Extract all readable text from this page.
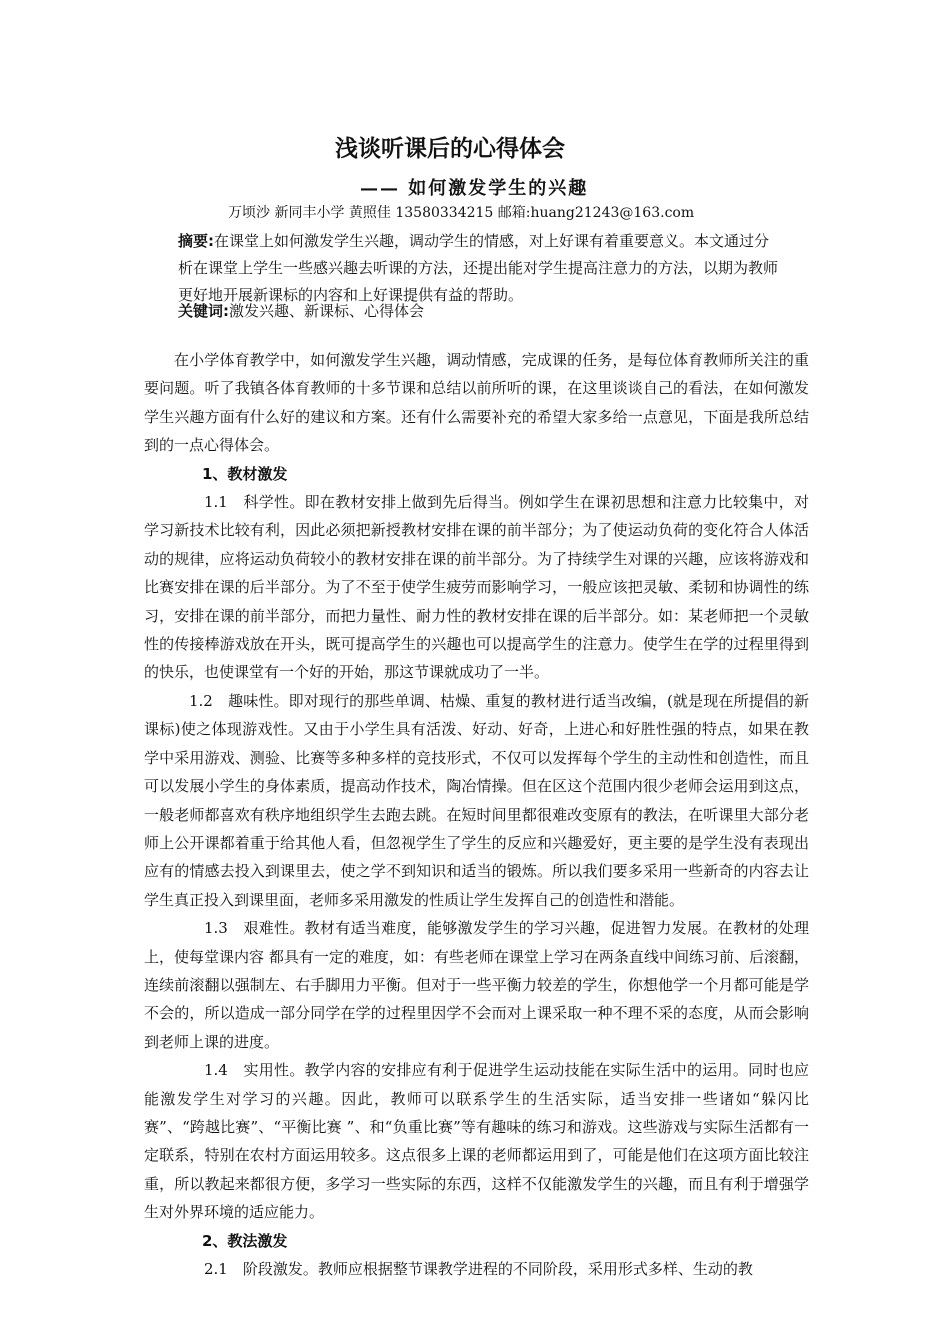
浅谈听课后的心得体会
—— 如何激发学生的兴趣
万顷沙 新同丰小学 黄照佳 13580334215 邮箱:huang21243@163.com

摘要:在课堂上如何激发学生兴趣，调动学生的情感，对上好课有着重要意义。本文通过分析在课堂上学生一些感兴趣去听课的方法，还提出能对学生提高注意力的方法，以期为教师更好地开展新课标的内容和上好课提供有益的帮助。

关键词:激发兴趣、新课标、心得体会

在小学体育教学中，如何激发学生兴趣，调动情感，完成课的任务，是每位体育教师所关注的重要问题。听了我镇各体育教师的十多节课和总结以前所听的课，在这里谈谈自己的看法，在如何激发学生兴趣方面有什么好的建议和方案。还有什么需要补充的希望大家多给一点意见，下面是我所总结到的一点心得体会。

1、教材激发

1.1　科学性。即在教材安排上做到先后得当。例如学生在课初思想和注意力比较集中，对学习新技术比较有利，因此必须把新授教材安排在课的前半部分；为了使运动负荷的变化符合人体活动的规律，应将运动负荷较小的教材安排在课的前半部分。为了持续学生对课的兴趣，应该将游戏和比赛安排在课的后半部分。为了不至于使学生疲劳而影响学习，一般应该把灵敏、柔韧和协调性的练习，安排在课的前半部分，而把力量性、耐力性的教材安排在课的后半部分。如：某老师把一个灵敏性的传接棒游戏放在开头，既可提高学生的兴趣也可以提高学生的注意力。使学生在学的过程里得到的快乐，也使课堂有一个好的开始，那这节课就成功了一半。

1.2　趣味性。即对现行的那些单调、枯燥、重复的教材进行适当改编，(就是现在所提倡的新课标)使之体现游戏性。又由于小学生具有活泼、好动、好奇，上进心和好胜性强的特点，如果在教学中采用游戏、测验、比赛等多种多样的竞技形式，不仅可以发挥每个学生的主动性和创造性，而且可以发展小学生的身体素质，提高动作技术，陶冶情操。但在区这个范围内很少老师会运用到这点，一般老师都喜欢有秩序地组织学生去跑去跳。在短时间里都很难改变原有的教法，在听课里大部分老师上公开课都着重于给其他人看，但忽视学生了学生的反应和兴趣爱好，更主要的是学生没有表现出应有的情感去投入到课里去，使之学不到知识和适当的锻炼。所以我们要多采用一些新奇的内容去让学生真正投入到课里面，老师多采用激发的性质让学生发挥自己的创造性和潜能。

1.3　艰难性。教材有适当难度，能够激发学生的学习兴趣，促进智力发展。在教材的处理上，使每堂课内容 都具有一定的难度，如：有些老师在课堂上学习在两条直线中间练习前、后滚翻，连续前滚翻以强制左、右手脚用力平衡。但对于一些平衡力较差的学生，你想他学一个月都可能是学不会的，所以造成一部分同学在学的过程里因学不会而对上课采取一种不理不采的态度，从而会影响到老师上课的进度。

1.4　实用性。教学内容的安排应有利于促进学生运动技能在实际生活中的运用。同时也应能激发学生对学习的兴趣。因此，教师可以联系学生的生活实际，适当安排一些诸如“躲闪比赛”、“跨越比赛”、“平衡比赛 ”、和“负重比赛”等有趣味的练习和游戏。这些游戏与实际生活都有一定联系，特别在农村方面运用较多。这点很多上课的老师都运用到了，可能是他们在这项方面比较注重，所以教起来都很方便，多学习一些实际的东西，这样不仅能激发学生的兴趣，而且有利于增强学生对外界环境的适应能力。

2、教法激发

2.1　阶段激发。教师应根据整节课教学进程的不同阶段，采用形式多样、生动的教
